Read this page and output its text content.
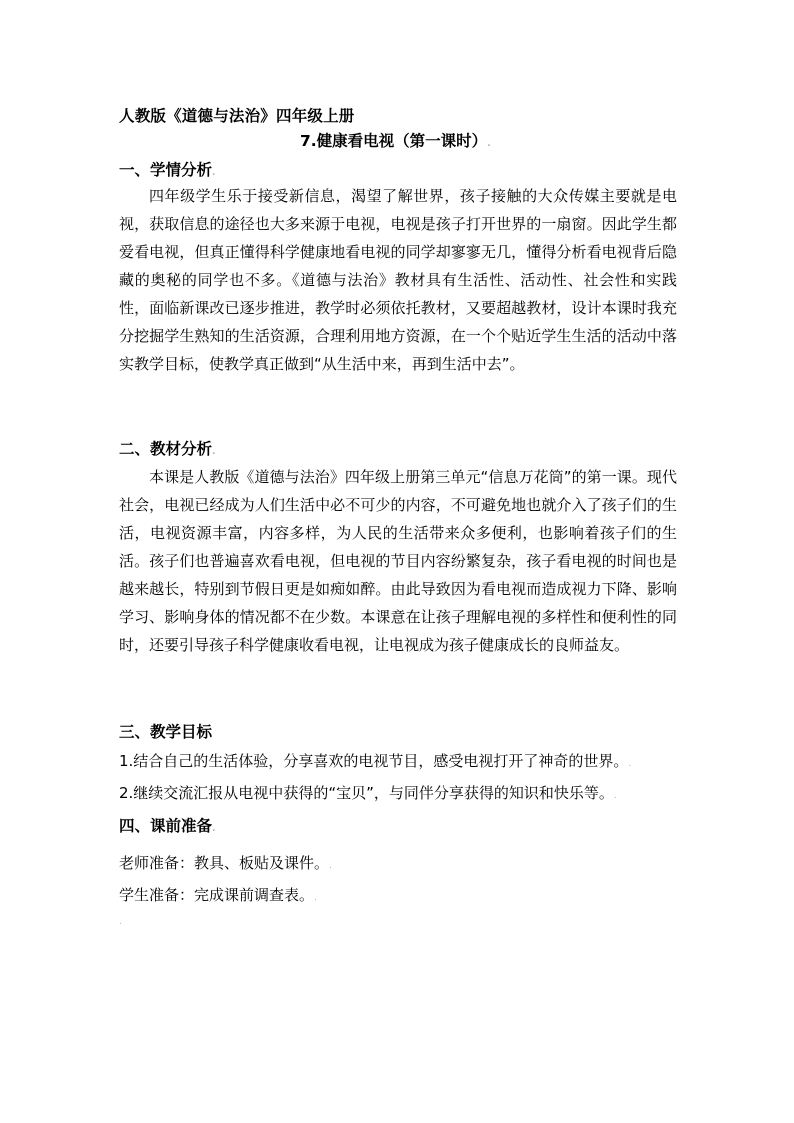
人教版《道德与法治》四年级上册
7.健康看电视（第一课时）.
一、学情分析.
四年级学生乐于接受新信息，渴望了解世界，孩子接触的大众传媒主要就是电视，获取信息的途径也大多来源于电视，电视是孩子打开世界的一扇窗。因此学生都爱看电视，但真正懂得科学健康地看电视的同学却寥寥无几，懂得分析看电视背后隐藏的奥秘的同学也不多。《道德与法治》教材具有生活性、活动性、社会性和实践性，面临新课改已逐步推进，教学时必须依托教材，又要超越教材，设计本课时我充分挖掘学生熟知的生活资源，合理利用地方资源，在一个个贴近学生生活的活动中落实教学目标，使教学真正做到“从生活中来，再到生活中去”。
二、教材分析.
本课是人教版《道德与法治》四年级上册第三单元“信息万花筒”的第一课。现代社会，电视已经成为人们生活中必不可少的内容，不可避免地也就介入了孩子们的生活，电视资源丰富，内容多样，为人民的生活带来众多便利，也影响着孩子们的生活。孩子们也普遍喜欢看电视，但电视的节目内容纷繁复杂，孩子看电视的时间也是越来越长，特别到节假日更是如痴如醉。由此导致因为看电视而造成视力下降、影响学习、影响身体的情况都不在少数。本课意在让孩子理解电视的多样性和便利性的同时，还要引导孩子科学健康收看电视，让电视成为孩子健康成长的良师益友。
三、教学目标
1.结合自己的生活体验，分享喜欢的电视节目，感受电视打开了神奇的世界。.
2.继续交流汇报从电视中获得的“宝贝”，与同伴分享获得的知识和快乐等。.
四、课前准备.
老师准备：教具、板贴及课件。.
学生准备：完成课前调查表。.
.
